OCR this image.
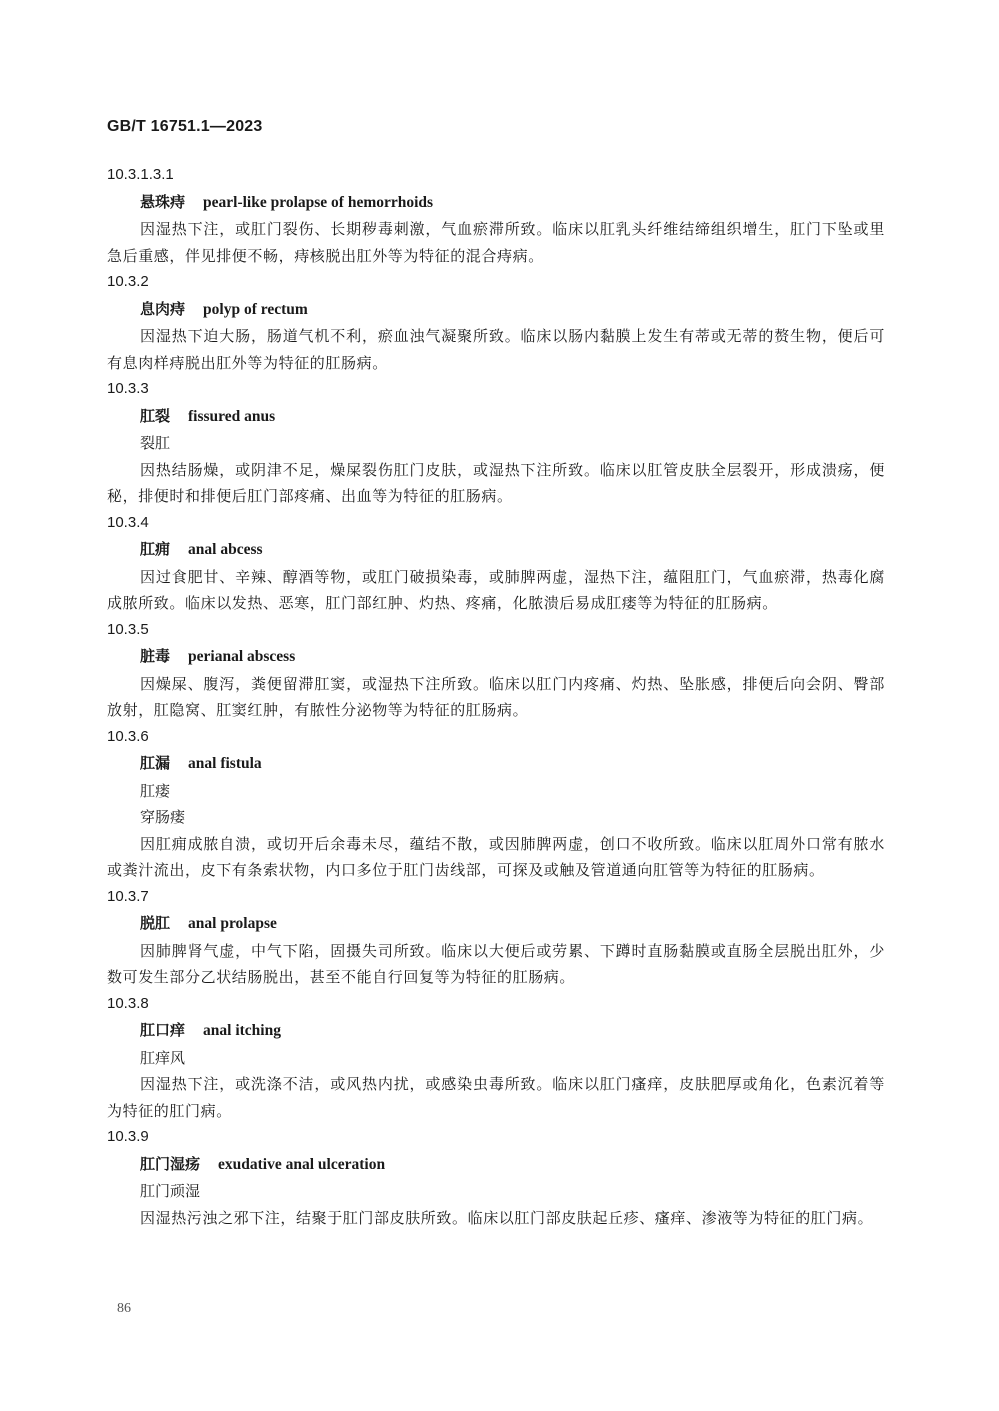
GB/T 16751.1—2023
10.3.1.3.1
悬珠痔 pearl-like prolapse of hemorrhoids
因湿热下注，或肛门裂伤、长期秽毒刺激，气血瘀滞所致。临床以肛乳头纤维结缔组织增生，肛门下坠或里急后重感，伴见排便不畅，痔核脱出肛外等为特征的混合痔病。
10.3.2
息肉痔 polyp of rectum
因湿热下迫大肠，肠道气机不利，瘀血浊气凝聚所致。临床以肠内黏膜上发生有蒂或无蒂的赘生物，便后可有息肉样痔脱出肛外等为特征的肛肠病。
10.3.3
肛裂 fissured anus
裂肛
因热结肠燥，或阴津不足，燥屎裂伤肛门皮肤，或湿热下注所致。临床以肛管皮肤全层裂开，形成溃疡，便秘，排便时和排便后肛门部疼痛、出血等为特征的肛肠病。
10.3.4
肛痈 anal abcess
因过食肥甘、辛辣、醇酒等物，或肛门破损染毒，或肺脾两虚，湿热下注，蕴阻肛门，气血瘀滞，热毒化腐成脓所致。临床以发热、恶寒，肛门部红肿、灼热、疼痛，化脓溃后易成肛瘘等为特征的肛肠病。
10.3.5
脏毒 perianal abscess
因燥屎、腹泻，粪便留滞肛窦，或湿热下注所致。临床以肛门内疼痛、灼热、坠胀感，排便后向会阴、臀部放射，肛隐窝、肛窦红肿，有脓性分泌物等为特征的肛肠病。
10.3.6
肛漏 anal fistula
肛瘘
穿肠瘘
因肛痈成脓自溃，或切开后余毒未尽，蕴结不散，或因肺脾两虚，创口不收所致。临床以肛周外口常有脓水或粪汁流出，皮下有条索状物，内口多位于肛门齿线部，可探及或触及管道通向肛管等为特征的肛肠病。
10.3.7
脱肛 anal prolapse
因肺脾肾气虚，中气下陷，固摄失司所致。临床以大便后或劳累、下蹲时直肠黏膜或直肠全层脱出肛外，少数可发生部分乙状结肠脱出，甚至不能自行回复等为特征的肛肠病。
10.3.8
肛口痒 anal itching
肛痒风
因湿热下注，或洗涤不洁，或风热内扰，或感染虫毒所致。临床以肛门瘙痒，皮肤肥厚或角化，色素沉着等为特征的肛门病。
10.3.9
肛门湿疡 exudative anal ulceration
肛门顽湿
因湿热污浊之邪下注，结聚于肛门部皮肤所致。临床以肛门部皮肤起丘疹、瘙痒、渗液等为特征的肛门病。
86
